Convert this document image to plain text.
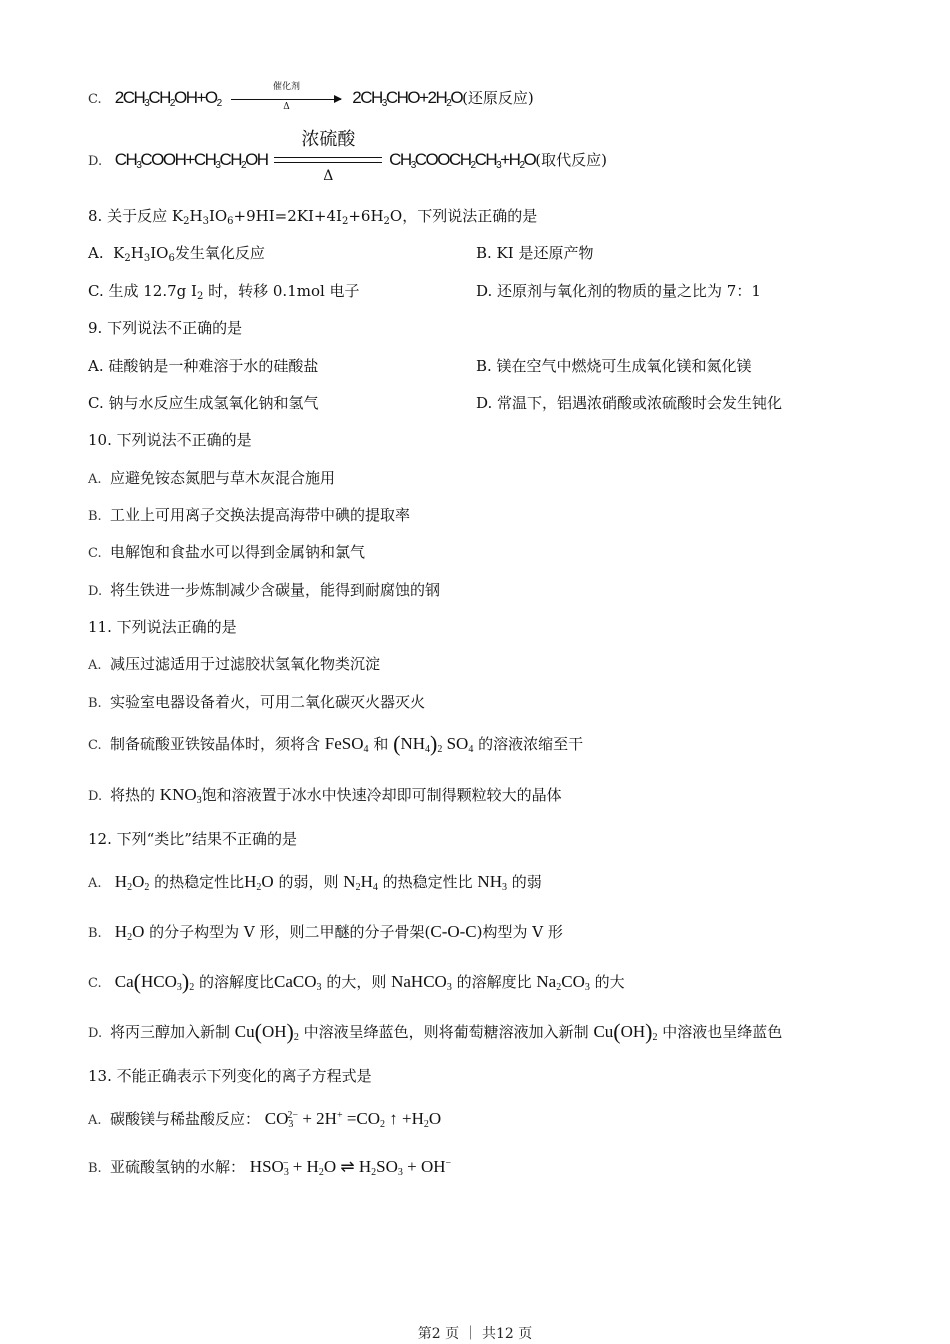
C. $2CH_3CH_2OH+O_2$
催化剂
Δ	$2CH_3CHO+2H_2O$(还原反应)
D. $CH_3COOH+CH_3CH_2OH$
浓硫酸
Δ
$CH_3COOCH_2CH_3+H_2O$(取代反应)
8. 关于反应 $K_2H_3IO_6+9HI=2KI+4I_2+6H_2O$，下列说法正确的是
A.  $K_2H_3IO_6$发生氧化反应	B. KI 是还原产物
C. 生成 12.7g $I_2$ 时，转移 0.1mol 电子	D. 还原剂与氧化剂的物质的量之比为 7：1
9. 下列说法不正确的是
A. 硅酸钠是一种难溶于水的硅酸盐	B. 镁在空气中燃烧可生成氧化镁和氮化镁
C. 钠与水反应生成氢氧化钠和氢气	D. 常温下，铝遇浓硝酸或浓硫酸时会发生钝化
10. 下列说法不正确的是
A. 应避免铵态氮肥与草木灰混合施用
B. 工业上可用离子交换法提高海带中碘的提取率
C. 电解饱和食盐水可以得到金属钠和氯气
D. 将生铁进一步炼制减少含碳量，能得到耐腐蚀的钢
11. 下列说法正确的是
A. 减压过滤适用于过滤胶状氢氧化物类沉淀
B. 实验室电器设备着火，可用二氧化碳灭火器灭火
C. 制备硫酸亚铁铵晶体时，须将含 FeSO$_4$ 和 $(NH_4)_2$ $SO_4$ 的溶液浓缩至干
D. 将热的 $KNO_3$饱和溶液置于冰水中快速冷却即可制得颗粒较大的晶体
12. 下列“类比”结果不正确的是
A. $H_2O_2$ 的热稳定性比$H_2O$ 的弱，则 $N_2H_4$ 的热稳定性比 $NH_3$ 的弱
B. $H_2O$ 的分子构型为 V 形，则二甲醚的分子骨架(C-O-C)构型为 V 形
C. $Ca(HCO_3)_2$ 的溶解度比CaCO$_3$ 的大，则 NaHCO$_3$ 的溶解度比 $Na_2CO_3$ 的大
D. 将丙三醇加入新制 $Cu(OH)_2$ 中溶液呈绛蓝色，则将葡萄糖溶液加入新制 $Cu(OH)_2$ 中溶液也呈绛蓝色
13. 不能正确表示下列变化的离子方程式是
A. 碳酸镁与稀盐酸反应： $CO_3^{2-} + 2H^+ =CO_2$ ↑ $+H_2O$
B. 亚硫酸氢钠的水解： $HSO_3^- + H_2O$ ⇌ $H_2SO_3 + OH^-$
第2 页 ｜ 共12 页
